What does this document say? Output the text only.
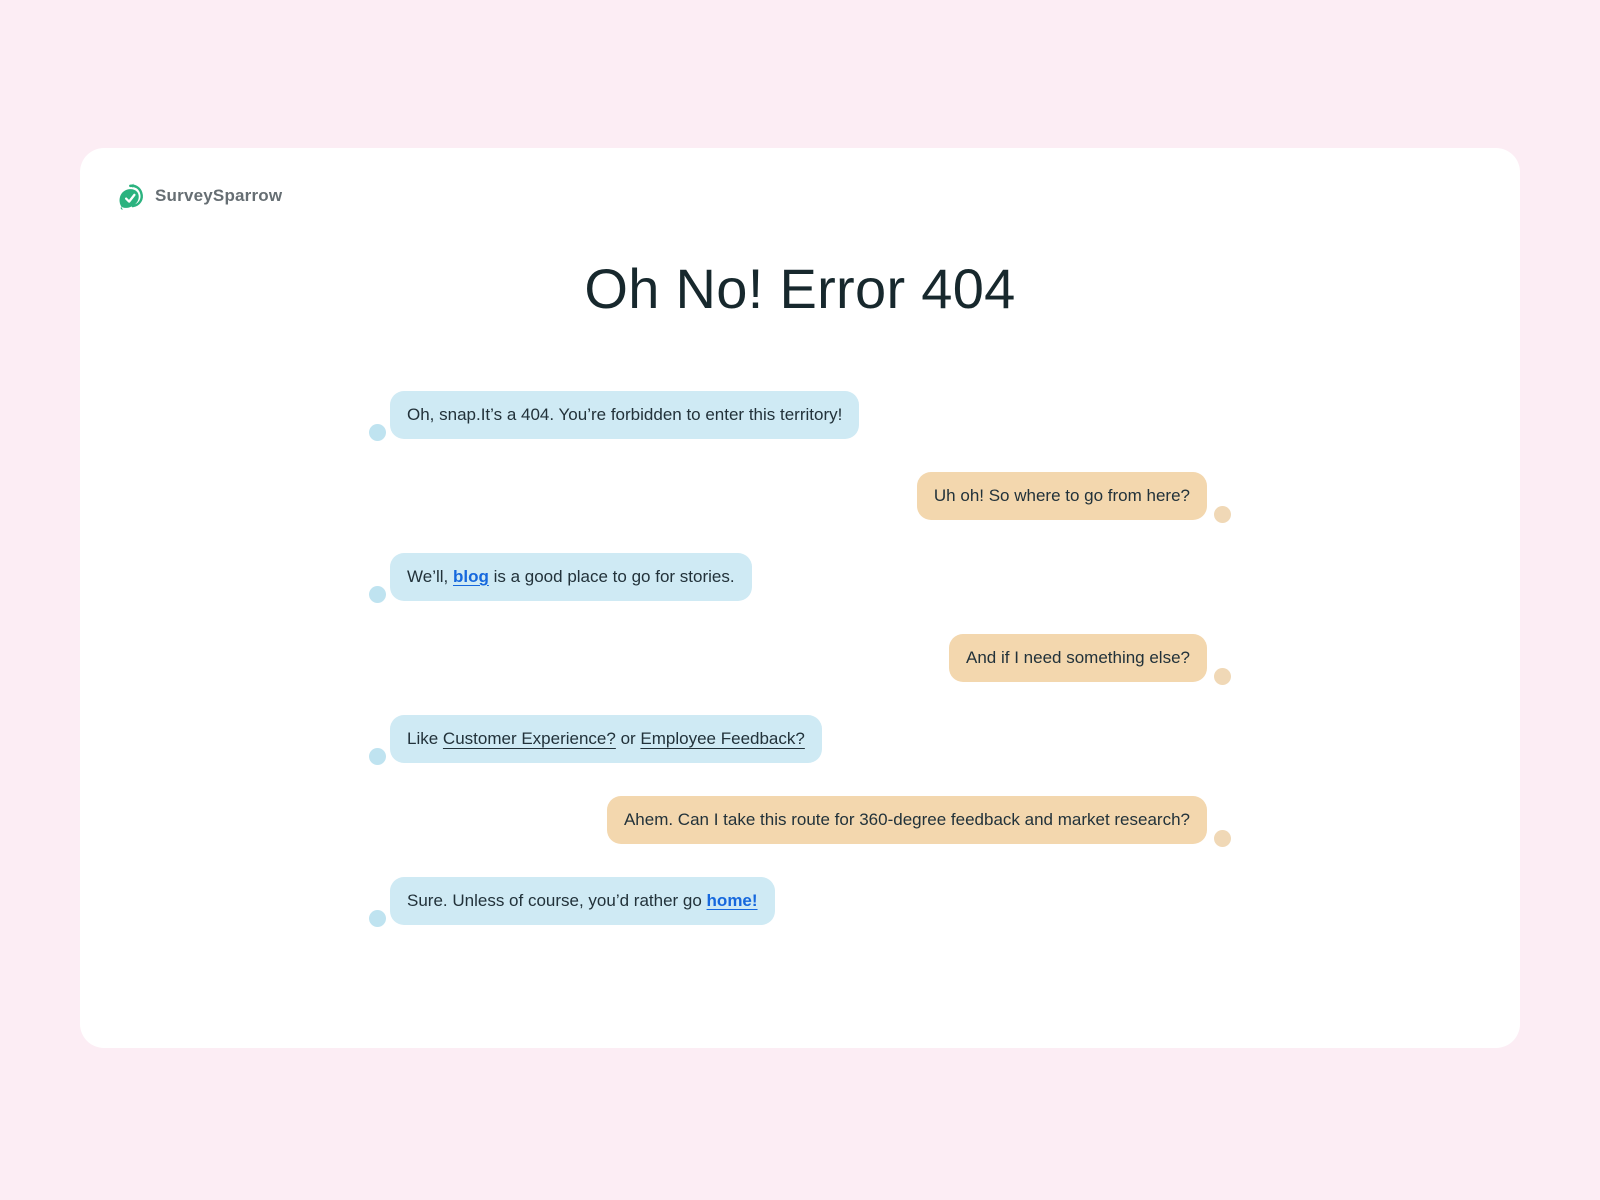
SurveySparrow
Oh No! Error 404
Oh, snap.It’s a 404. You’re forbidden to enter this territory!
Uh oh! So where to go from here?
We’ll, blog is a good place to go for stories.
And if I need something else?
Like Customer Experience? or Employee Feedback?
Ahem. Can I take this route for 360-degree feedback and market research?
Sure. Unless of course, you’d rather go home!
